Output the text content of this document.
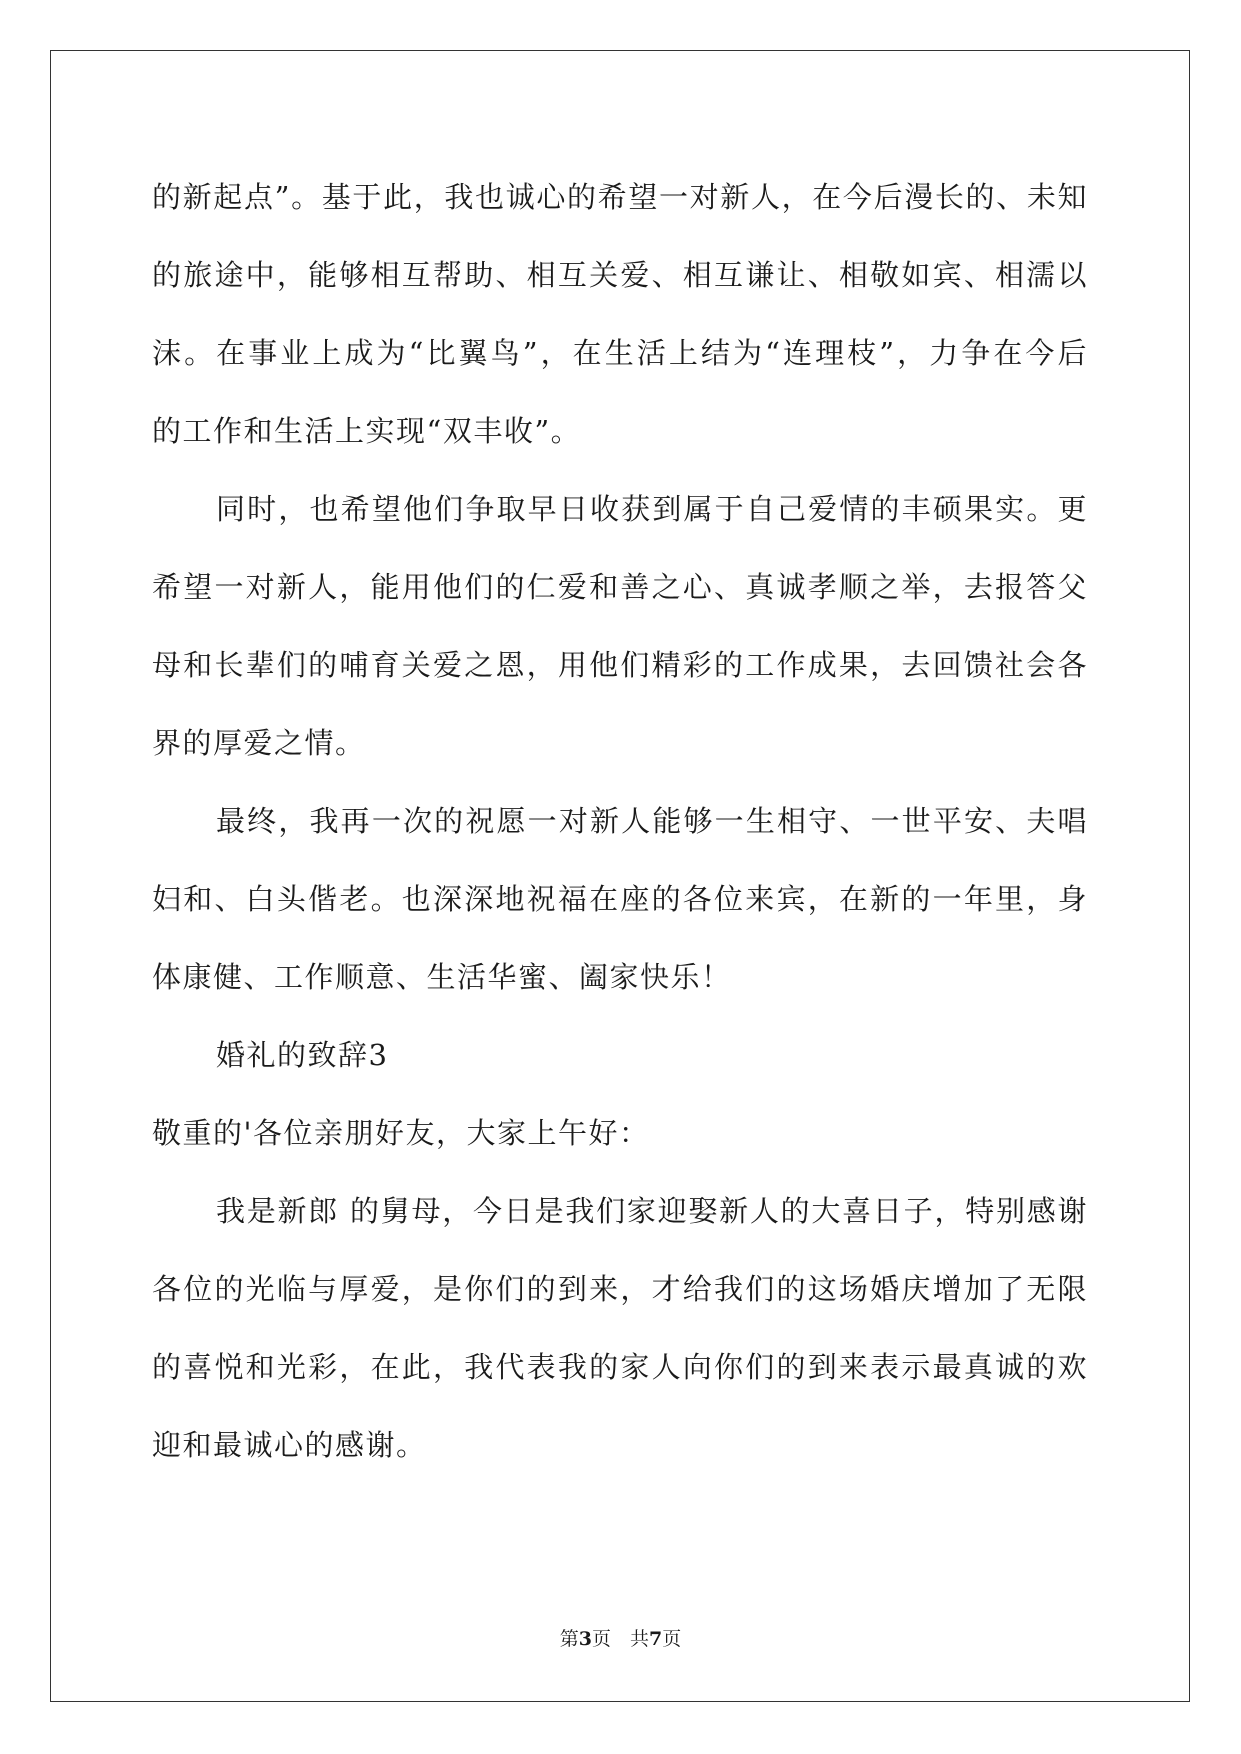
的新起点”。基于此，我也诚心的希望一对新人，在今后漫长的、未知
的旅途中，能够相互帮助、相互关爱、相互谦让、相敬如宾、相濡以
沫。在事业上成为“比翼鸟”，在生活上结为“连理枝”，力争在今后
的工作和生活上实现“双丰收”。
同时，也希望他们争取早日收获到属于自己爱情的丰硕果实。更
希望一对新人，能用他们的仁爱和善之心、真诚孝顺之举，去报答父
母和长辈们的哺育关爱之恩，用他们精彩的工作成果，去回馈社会各
界的厚爱之情。
最终，我再一次的祝愿一对新人能够一生相守、一世平安、夫唱
妇和、白头偕老。也深深地祝福在座的各位来宾，在新的一年里，身
体康健、工作顺意、生活华蜜、阖家快乐！
婚礼的致辞3
敬重的'各位亲朋好友，大家上午好：
我是新郎 的舅母，今日是我们家迎娶新人的大喜日子，特别感谢
各位的光临与厚爱，是你们的到来，才给我们的这场婚庆增加了无限
的喜悦和光彩，在此，我代表我的家人向你们的到来表示最真诚的欢
迎和最诚心的感谢。
第3页　共7页
